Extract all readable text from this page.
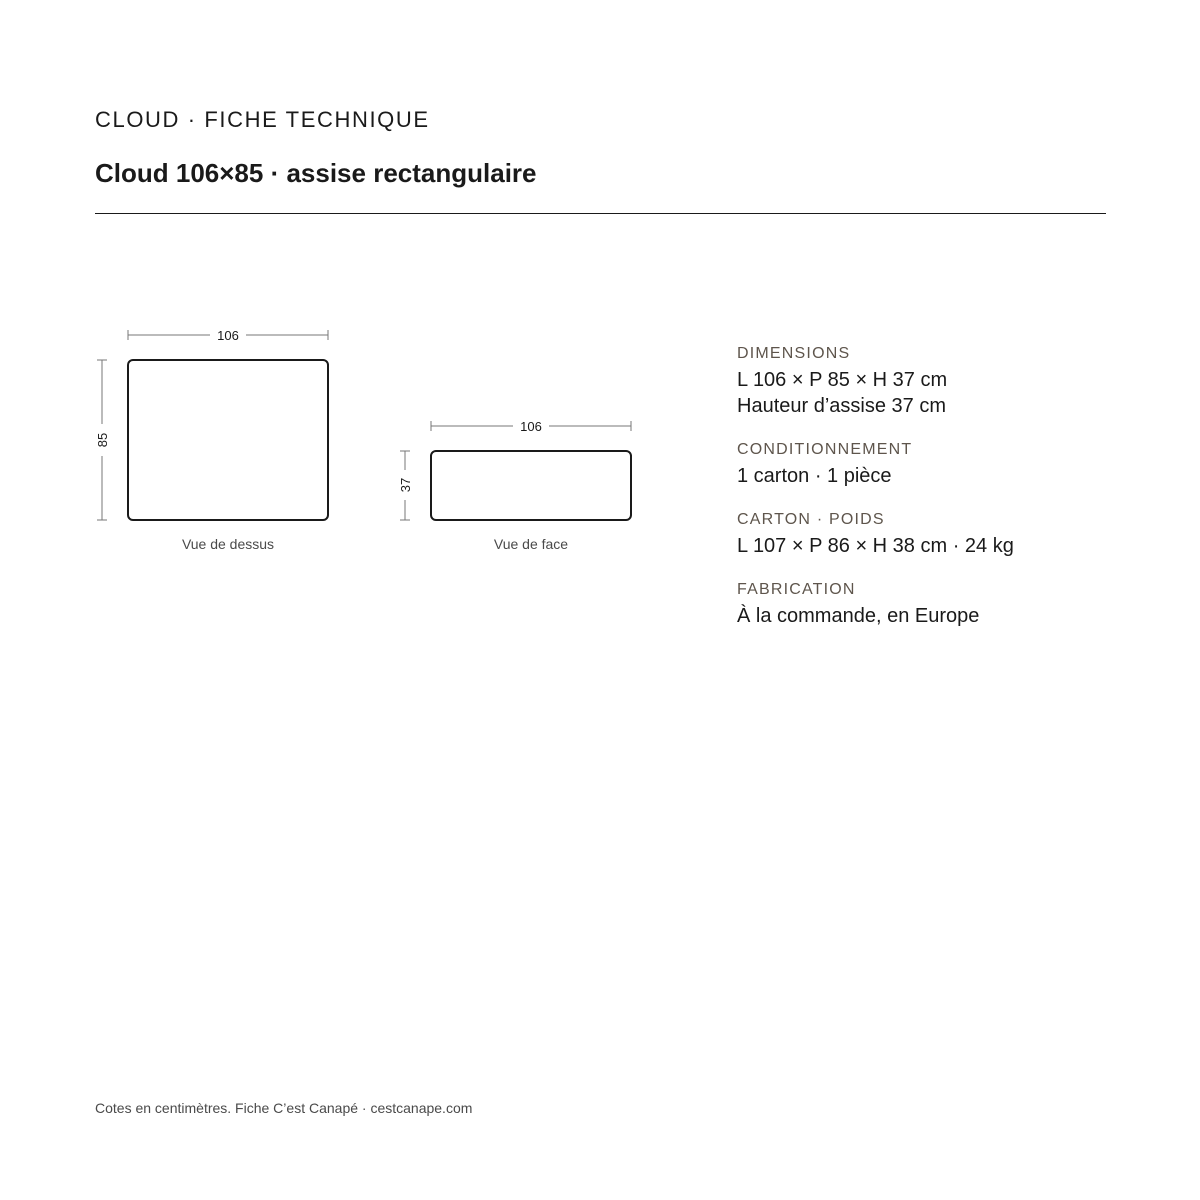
CLOUD · FICHE TECHNIQUE
Cloud 106×85 · assise rectangulaire
106
85
Vue de dessus
106
37
Vue de face
DIMENSIONS
L 106 × P 85 × H 37 cm
Hauteur d’assise 37 cm
CONDITIONNEMENT
1 carton · 1 pièce
CARTON · POIDS
L 107 × P 86 × H 38 cm · 24 kg
FABRICATION
À la commande, en Europe
Cotes en centimètres. Fiche C’est Canapé · cestcanape.com
